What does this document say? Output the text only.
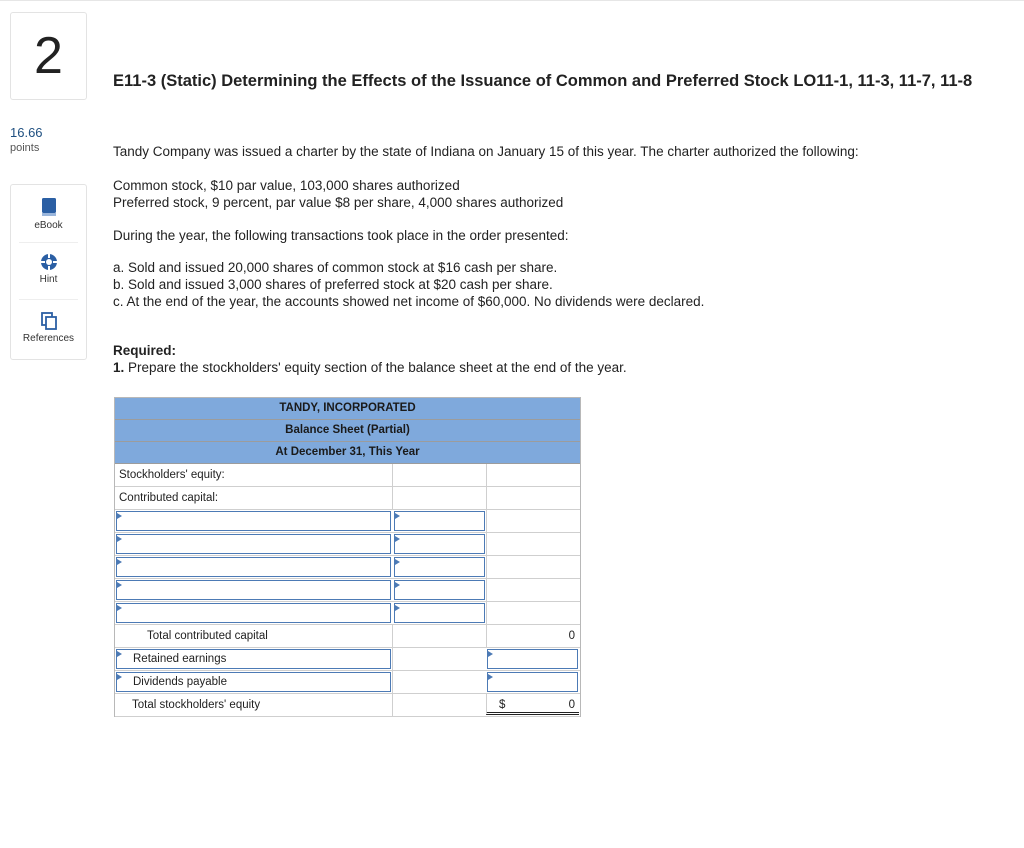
2
16.66
points
eBook
Hint
References
E11-3 (Static) Determining the Effects of the Issuance of Common and Preferred Stock LO11-1, 11-3, 11-7, 11-8
Tandy Company was issued a charter by the state of Indiana on January 15 of this year. The charter authorized the following:
Common stock, $10 par value, 103,000 shares authorized
Preferred stock, 9 percent, par value $8 per share, 4,000 shares authorized
During the year, the following transactions took place in the order presented:
a. Sold and issued 20,000 shares of common stock at $16 cash per share.
b. Sold and issued 3,000 shares of preferred stock at $20 cash per share.
c. At the end of the year, the accounts showed net income of $60,000. No dividends were declared.
Required:
1. Prepare the stockholders' equity section of the balance sheet at the end of the year.
TANDY, INCORPORATED
Balance Sheet (Partial)
At December 31, This Year
Stockholders' equity:
Contributed capital:
Total contributed capital	0
Retained earnings
Dividends payable
Total stockholders' equity	$	0
